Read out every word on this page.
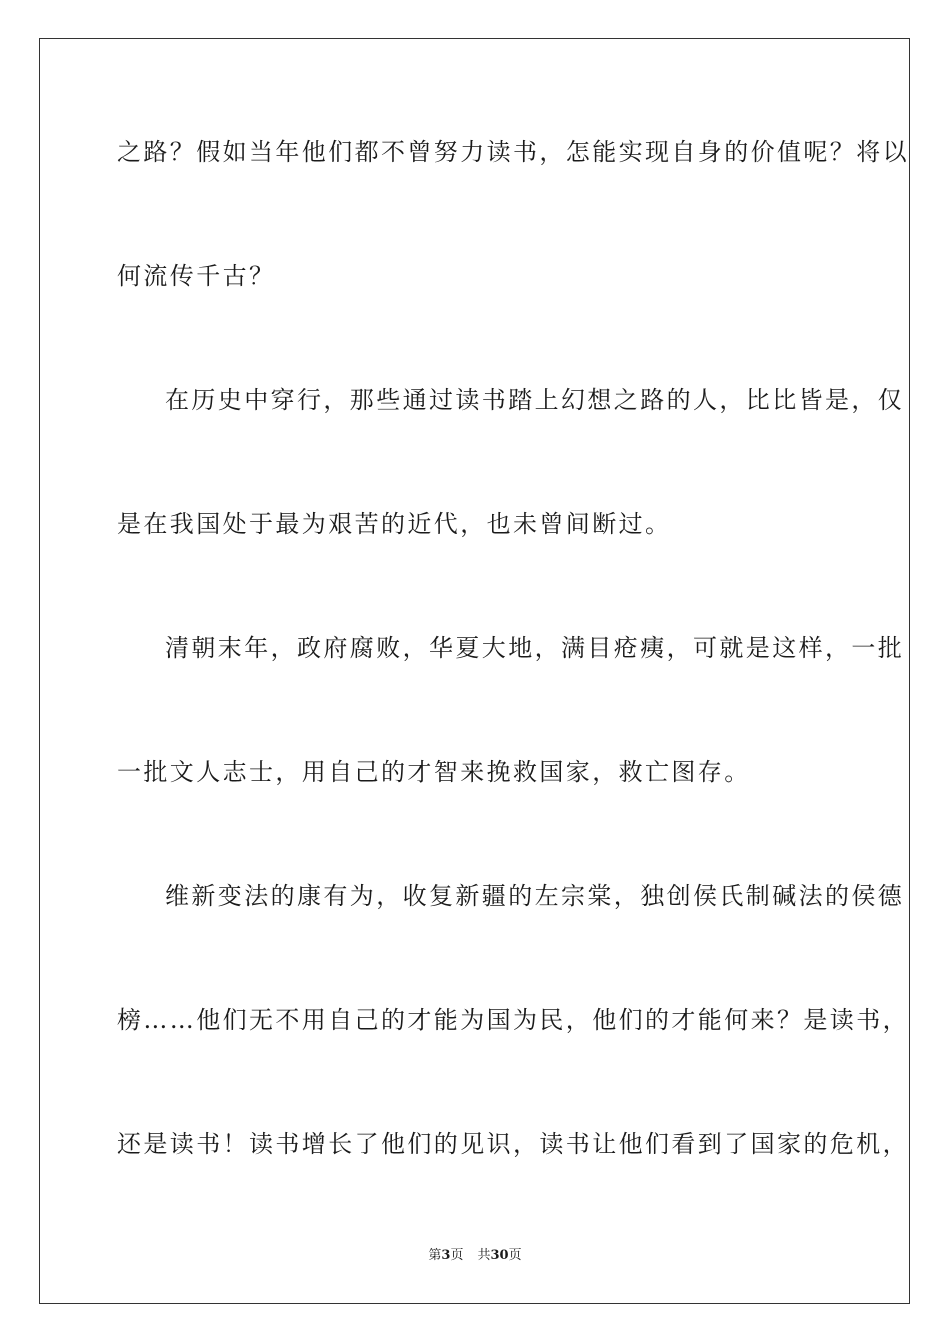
之路？假如当年他们都不曾努力读书，怎能实现自身的价值呢？将以
何流传千古？
在历史中穿行，那些通过读书踏上幻想之路的人，比比皆是，仅
是在我国处于最为艰苦的近代，也未曾间断过。
清朝末年，政府腐败，华夏大地，满目疮痍，可就是这样，一批
一批文人志士，用自己的才智来挽救国家，救亡图存。
维新变法的康有为，收复新疆的左宗棠，独创侯氏制碱法的侯德
榜……他们无不用自己的才能为国为民，他们的才能何来？是读书，
还是读书！读书增长了他们的见识，读书让他们看到了国家的危机，
第3页 共30页
